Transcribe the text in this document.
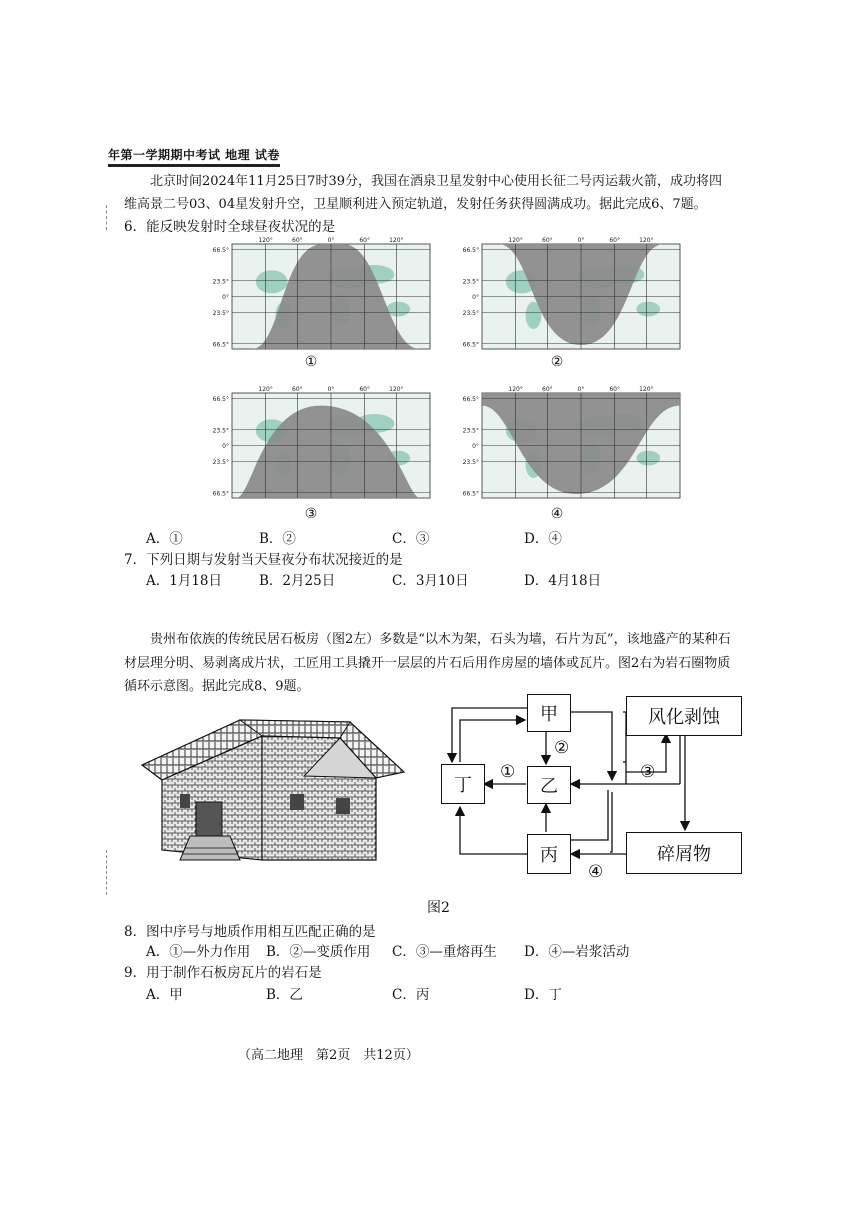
年第一学期期中考试 地理 试卷
北京时间2024年11月25日7时39分，我国在酒泉卫星发射中心使用长征二号丙运载火箭，成功将四
维高景二号03、04星发射升空，卫星顺利进入预定轨道，发射任务获得圆满成功。据此完成6、7题。
6．能反映发射时全球昼夜状况的是
66.5°
23.5°
0°
23.5°
66.5°
120°	60°	0°	60°	120°
①
66.5°
23.5°
0°
23.5°
66.5°
120°	60°	0°	60°	120°
②
66.5°
23.5°
0°
23.5°
66.5°
120°	60°	0°	60°	120°
③
66.5°
23.5°
0°
23.5°
66.5°
120°	60°	0°	60°	120°
④
A．①	B．②	C．③	D．④
7．下列日期与发射当天昼夜分布状况接近的是
A．1月18日	B．2月25日	C．3月10日	D．4月18日
贵州布依族的传统民居石板房（图2左）多数是“以木为架，石头为墙，石片为瓦”，该地盛产的某种石
材层理分明、易剥离成片状，工匠用工具撬开一层层的片石后用作房屋的墙体或瓦片。图2右为岩石圈物质
循环示意图。据此完成8、9题。
甲
乙
丁
丙
风化剥蚀
碎屑物
①
②
③
④
图2
8．图中序号与地质作用相互匹配正确的是
A．①—外力作用 B．②—变质作用 C．③—重熔再生 D．④—岩浆活动
9．用于制作石板房瓦片的岩石是
A．甲	B．乙	C．丙	D．丁
（高二地理　第2页　共12页）
